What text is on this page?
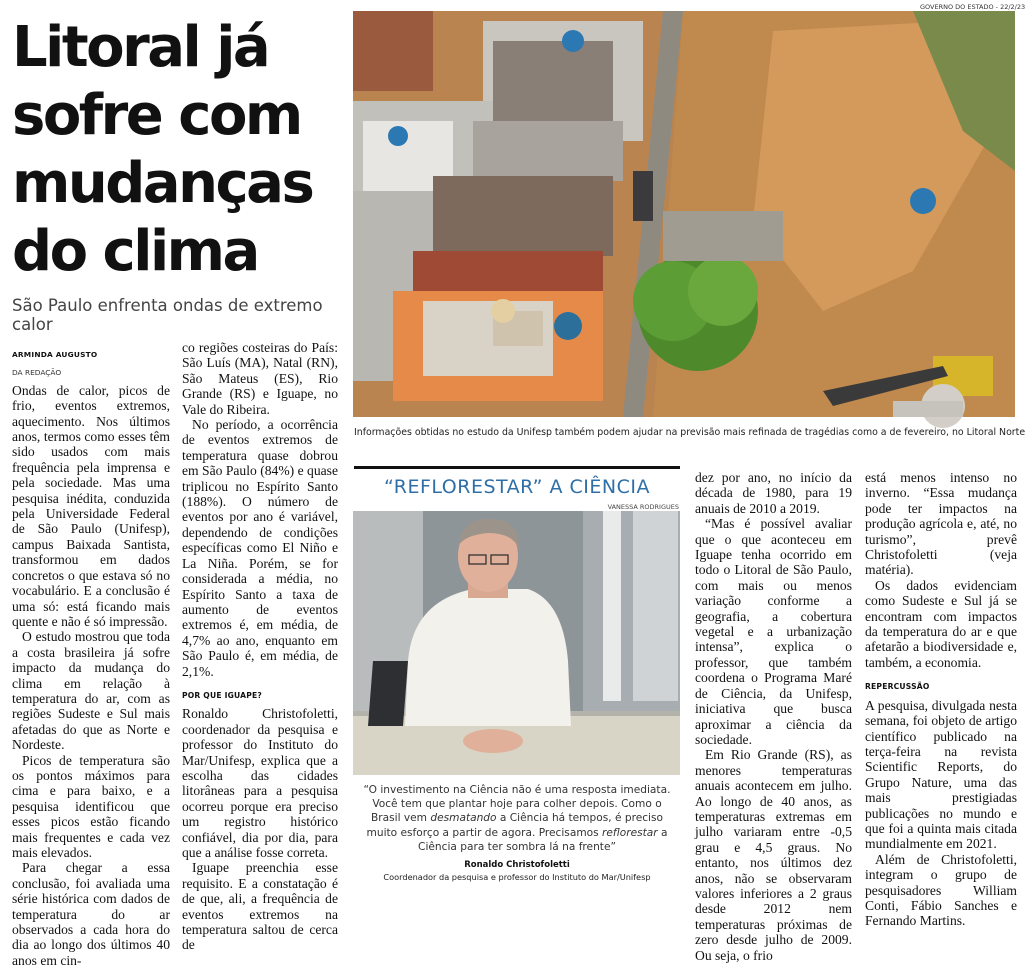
Litoral já
sofre com
mudanças
do clima
São Paulo enfrenta ondas de extremo calor
ARMINDA AUGUSTO
DA REDAÇÃO

Ondas de calor, picos de frio, eventos extremos, aquecimento. Nos últimos anos, termos como esses têm sido usados com mais frequência pela imprensa e pela sociedade. Mas uma pesquisa inédita, conduzida pela Universidade Federal de São Paulo (Unifesp), campus Baixada Santista, transformou em dados concretos o que estava só no vocabulário. E a conclusão é uma só: está ficando mais quente e não é só impressão.

O estudo mostrou que toda a costa brasileira já sofre impacto da mudança do clima em relação à temperatura do ar, com as regiões Sudeste e Sul mais afetadas do que as Norte e Nordeste.

Picos de temperatura são os pontos máximos para cima e para baixo, e a pesquisa identificou que esses picos estão ficando mais frequentes e cada vez mais elevados.

Para chegar a essa conclusão, foi avaliada uma série histórica com dados de temperatura do ar observados a cada hora do dia ao longo dos últimos 40 anos em cin-

co regiões costeiras do País: São Luís (MA), Natal (RN), São Mateus (ES), Rio Grande (RS) e Iguape, no Vale do Ribeira.

No período, a ocorrência de eventos extremos de temperatura quase dobrou em São Paulo (84%) e quase triplicou no Espírito Santo (188%). O número de eventos por ano é variável, dependendo de condições específicas como El Niño e La Niña. Porém, se for considerada a média, no Espírito Santo a taxa de aumento de eventos extremos é, em média, de 4,7% ao ano, enquanto em São Paulo é, em média, de 2,1%.

POR QUE IGUAPE?

Ronaldo Christofoletti, coordenador da pesquisa e professor do Instituto do Mar/Unifesp, explica que a escolha das cidades litorâneas para a pesquisa ocorreu porque era preciso um registro histórico confiável, dia por dia, para que a análise fosse correta.

Iguape preenchia esse requisito. E a constatação é de que, ali, a frequência de eventos extremos na temperatura saltou de cerca de

GOVERNO DO ESTADO - 22/2/23
Informações obtidas no estudo da Unifesp também podem ajudar na previsão mais refinada de tragédias como a de fevereiro, no Litoral Norte
“REFLORESTAR” A CIÊNCIA
VANESSA RODRIGUES
“O investimento na Ciência não é uma resposta imediata. Você tem que plantar hoje para colher depois. Como o Brasil vem desmatando a Ciência há tempos, é preciso muito esforço a partir de agora. Precisamos reflorestar a Ciência para ter sombra lá na frente”
Ronaldo Christofoletti
Coordenador da pesquisa e professor do Instituto do Mar/Unifesp

dez por ano, no início da década de 1980, para 19 anuais de 2010 a 2019.

“Mas é possível avaliar que o que aconteceu em Iguape tenha ocorrido em todo o Litoral de São Paulo, com mais ou menos variação conforme a geografia, a cobertura vegetal e a urbanização intensa”, explica o professor, que também coordena o Programa Maré de Ciência, da Unifesp, iniciativa que busca aproximar a ciência da sociedade.

Em Rio Grande (RS), as menores temperaturas anuais acontecem em julho. Ao longo de 40 anos, as temperaturas extremas em julho variaram entre -0,5 grau e 4,5 graus. No entanto, nos últimos dez anos, não se observaram valores inferiores a 2 graus desde 2012 nem temperaturas próximas de zero desde julho de 2009. Ou seja, o frio

está menos intenso no inverno. “Essa mudança pode ter impactos na produção agrícola e, até, no turismo”, prevê Christofoletti (veja matéria).

Os dados evidenciam como Sudeste e Sul já se encontram com impactos da temperatura do ar e que afetarão a biodiversidade e, também, a economia.

REPERCUSSÃO

A pesquisa, divulgada nesta semana, foi objeto de artigo científico publicado na terça-feira na revista Scientific Reports, do Grupo Nature, uma das mais prestigiadas publicações no mundo e que foi a quinta mais citada mundialmente em 2021.

Além de Christofoletti, integram o grupo de pesquisadores William Conti, Fábio Sanches e Fernando Martins.
